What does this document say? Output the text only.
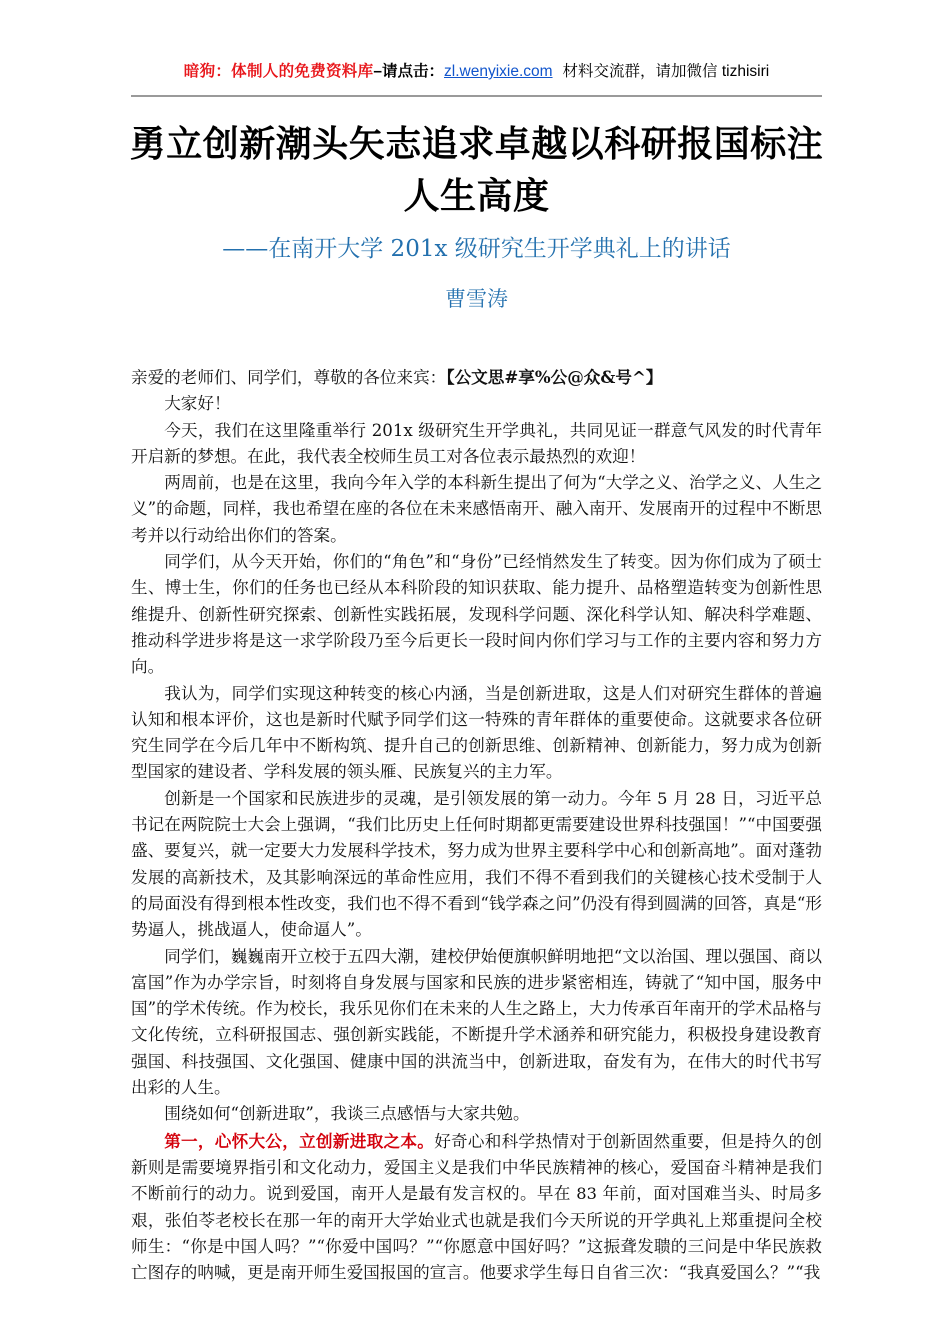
暗狗：体制人的免费资料库–请点击：zl.wenyixie.com 材料交流群，请加微信 tizhisiri
勇立创新潮头矢志追求卓越以科研报国标注人生高度
——在南开大学 201x 级研究生开学典礼上的讲话
曹雪涛

亲爱的老师们、同学们，尊敬的各位来宾：【公文思#享%公@众&号^】

大家好！

今天，我们在这里隆重举行 201x 级研究生开学典礼，共同见证一群意气风发的时代青年开启新的梦想。在此，我代表全校师生员工对各位表示最热烈的欢迎！

两周前，也是在这里，我向今年入学的本科新生提出了何为“大学之义、治学之义、人生之义”的命题，同样，我也希望在座的各位在未来感悟南开、融入南开、发展南开的过程中不断思考并以行动给出你们的答案。

同学们，从今天开始，你们的“角色”和“身份”已经悄然发生了转变。因为你们成为了硕士生、博士生，你们的任务也已经从本科阶段的知识获取、能力提升、品格塑造转变为创新性思维提升、创新性研究探索、创新性实践拓展，发现科学问题、深化科学认知、解决科学难题、推动科学进步将是这一求学阶段乃至今后更长一段时间内你们学习与工作的主要内容和努力方向。

我认为，同学们实现这种转变的核心内涵，当是创新进取，这是人们对研究生群体的普遍认知和根本评价，这也是新时代赋予同学们这一特殊的青年群体的重要使命。这就要求各位研究生同学在今后几年中不断构筑、提升自己的创新思维、创新精神、创新能力，努力成为创新型国家的建设者、学科发展的领头雁、民族复兴的主力军。

创新是一个国家和民族进步的灵魂，是引领发展的第一动力。今年 5 月 28 日，习近平总书记在两院院士大会上强调，“我们比历史上任何时期都更需要建设世界科技强国！”“中国要强盛、要复兴，就一定要大力发展科学技术，努力成为世界主要科学中心和创新高地”。面对蓬勃发展的高新技术，及其影响深远的革命性应用，我们不得不看到我们的关键核心技术受制于人的局面没有得到根本性改变，我们也不得不看到“钱学森之问”仍没有得到圆满的回答，真是“形势逼人，挑战逼人，使命逼人”。

同学们，巍巍南开立校于五四大潮，建校伊始便旗帜鲜明地把“文以治国、理以强国、商以富国”作为办学宗旨，时刻将自身发展与国家和民族的进步紧密相连，铸就了“知中国，服务中国”的学术传统。作为校长，我乐见你们在未来的人生之路上，大力传承百年南开的学术品格与文化传统，立科研报国志、强创新实践能，不断提升学术涵养和研究能力，积极投身建设教育强国、科技强国、文化强国、健康中国的洪流当中，创新进取，奋发有为，在伟大的时代书写出彩的人生。

围绕如何“创新进取”，我谈三点感悟与大家共勉。

第一，心怀大公，立创新进取之本。好奇心和科学热情对于创新固然重要，但是持久的创新则是需要境界指引和文化动力，爱国主义是我们中华民族精神的核心，爱国奋斗精神是我们不断前行的动力。说到爱国，南开人是最有发言权的。早在 83 年前，面对国难当头、时局多艰，张伯苓老校长在那一年的南开大学始业式也就是我们今天所说的开学典礼上郑重提问全校师生：“你是中国人吗？”“你爱中国吗？”“你愿意中国好吗？”这振聋发聩的三问是中华民族救亡图存的呐喊，更是南开师生爱国报国的宣言。他要求学生每日自省三次：“我真爱国么？”“我
